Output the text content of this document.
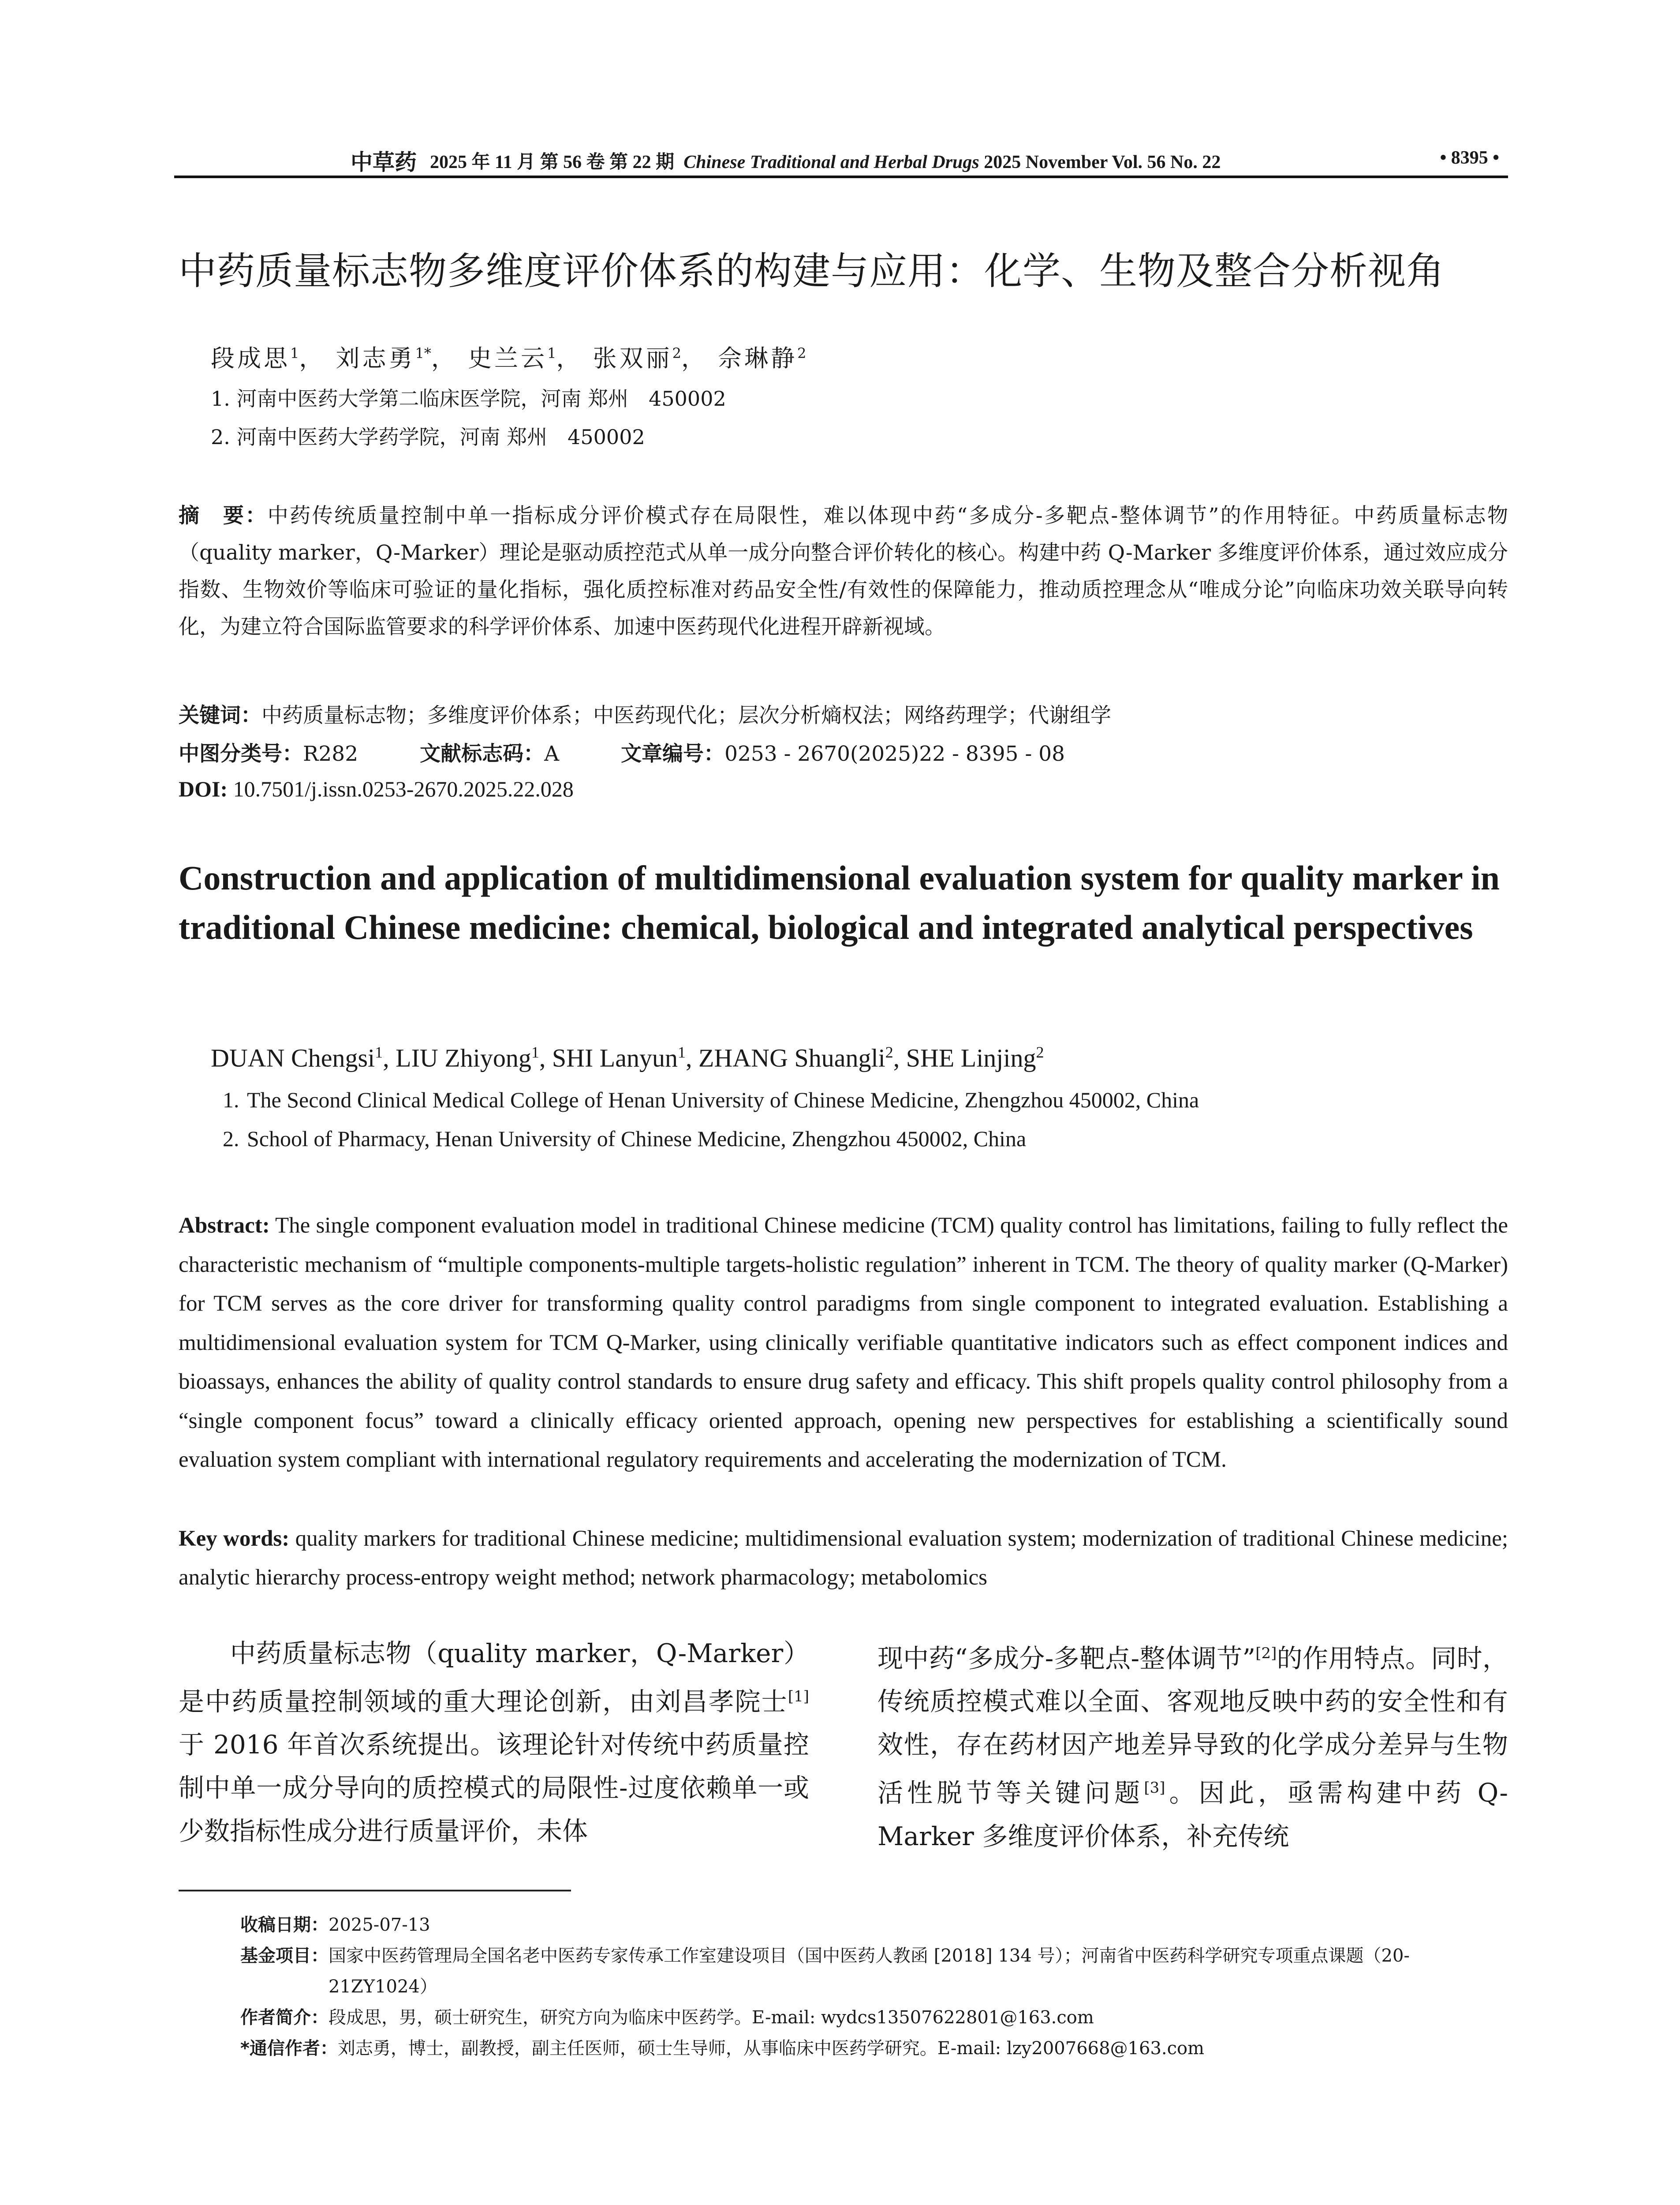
中草药 2025 年 11 月 第 56 卷 第 22 期 Chinese Traditional and Herbal Drugs 2025 November Vol. 56 No. 22	• 8395 •
中药质量标志物多维度评价体系的构建与应用：化学、生物及整合分析视角
段成思$^1$， 刘志勇$^{1*}$， 史兰云$^1$， 张双丽$^2$， 佘琳静$^2$
1. 河南中医药大学第二临床医学院，河南 郑州　450002
2. 河南中医药大学药学院，河南 郑州　450002
摘　要：中药传统质量控制中单一指标成分评价模式存在局限性，难以体现中药“多成分-多靶点-整体调节”的作用特征。中药质量标志物（quality marker，Q-Marker）理论是驱动质控范式从单一成分向整合评价转化的核心。构建中药 Q-Marker 多维度评价体系，通过效应成分指数、生物效价等临床可验证的量化指标，强化质控标准对药品安全性/有效性的保障能力，推动质控理念从“唯成分论”向临床功效关联导向转化，为建立符合国际监管要求的科学评价体系、加速中医药现代化进程开辟新视域。
关键词：中药质量标志物；多维度评价体系；中医药现代化；层次分析熵权法；网络药理学；代谢组学
中图分类号：R282	文献标志码：A	文章编号：0253 - 2670(2025)22 - 8395 - 08
DOI: 10.7501/j.issn.0253-2670.2025.22.028
Construction and application of multidimensional evaluation system for quality marker in traditional Chinese medicine: chemical, biological and integrated analytical perspectives
DUAN Chengsi$^1$, LIU Zhiyong$^1$, SHI Lanyun$^1$, ZHANG Shuangli$^2$, SHE Linjing$^2$
1. The Second Clinical Medical College of Henan University of Chinese Medicine, Zhengzhou 450002, China
2. School of Pharmacy, Henan University of Chinese Medicine, Zhengzhou 450002, China
Abstract: The single component evaluation model in traditional Chinese medicine (TCM) quality control has limitations, failing to fully reflect the characteristic mechanism of “multiple components-multiple targets-holistic regulation” inherent in TCM. The theory of quality marker (Q-Marker) for TCM serves as the core driver for transforming quality control paradigms from single component to integrated evaluation. Establishing a multidimensional evaluation system for TCM Q-Marker, using clinically verifiable quantitative indicators such as effect component indices and bioassays, enhances the ability of quality control standards to ensure drug safety and efficacy. This shift propels quality control philosophy from a “single component focus” toward a clinically efficacy oriented approach, opening new perspectives for establishing a scientifically sound evaluation system compliant with international regulatory requirements and accelerating the modernization of TCM.
Key words: quality markers for traditional Chinese medicine; multidimensional evaluation system; modernization of traditional Chinese medicine; analytic hierarchy process-entropy weight method; network pharmacology; metabolomics
中药质量标志物（quality marker，Q-Marker）是中药质量控制领域的重大理论创新，由刘昌孝院士[1]于 2016 年首次系统提出。该理论针对传统中药质量控制中单一成分导向的质控模式的局限性-过度依赖单一或少数指标性成分进行质量评价，未体
现中药“多成分-多靶点-整体调节”[2]的作用特点。同时，传统质控模式难以全面、客观地反映中药的安全性和有效性，存在药材因产地差异导致的化学成分差异与生物活性脱节等关键问题[3]。因此，亟需构建中药 Q-Marker 多维度评价体系，补充传统
收稿日期：2025-07-13
基金项目： 国家中医药管理局全国名老中医药专家传承工作室建设项目（国中医药人教函 [2018] 134 号）；河南省中医药科学研究专项重点课题（20-21ZY1024）
作者简介：段成思，男，硕士研究生，研究方向为临床中医药学。E-mail: wydcs13507622801@163.com
*通信作者：刘志勇，博士，副教授，副主任医师，硕士生导师，从事临床中医药学研究。E-mail: lzy2007668@163.com
